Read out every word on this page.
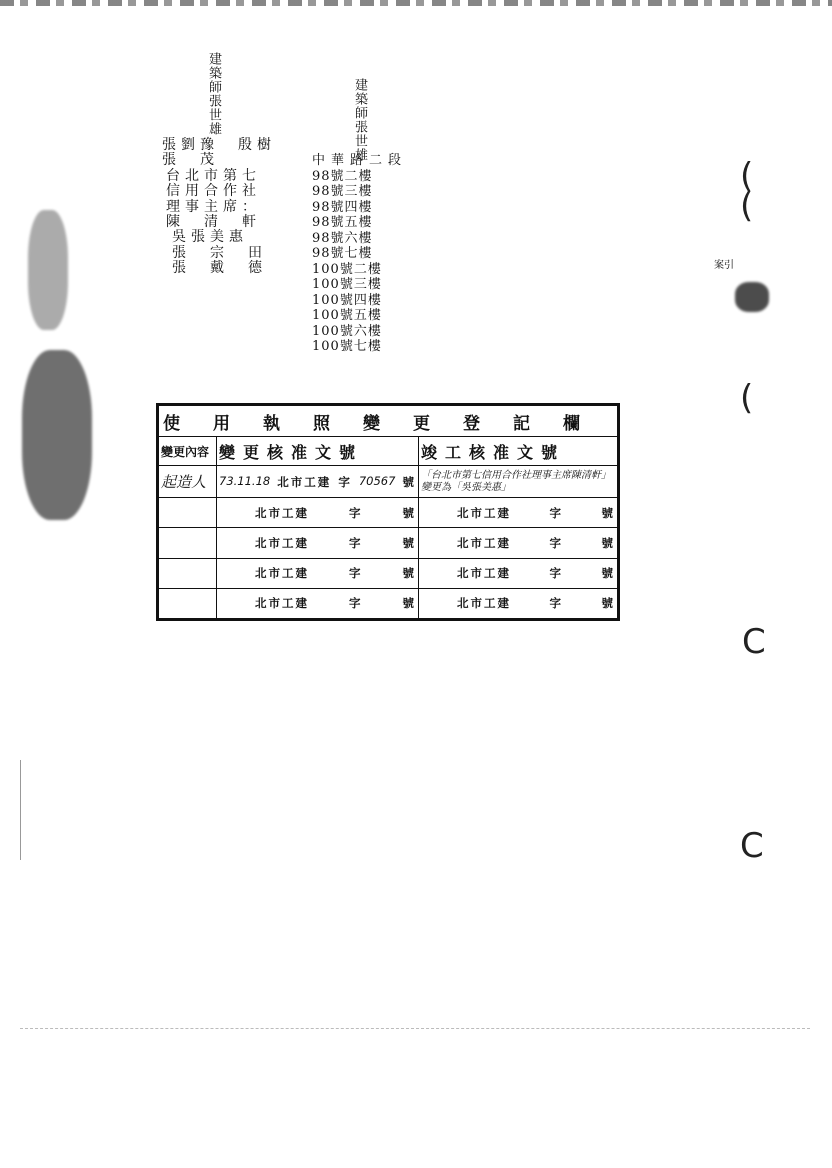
建築師張世雄	建築師張世雄
張劉豫　殷樹
張　茂
台北市第七
信用合作社
理事主席：
陳　清　軒
吳張美惠
張　宗　田
張　戴　德
中華路二段
98號二樓
98號三樓
98號四樓
98號五樓
98號六樓
98號七樓
100號二樓
100號三樓
100號四樓
100號五樓
100號六樓
100號七樓
使用執照變更登記欄		
變更內容	變更核准文號	竣工核准文號
起造人	73.11.18 北市工建 字 70567 號	「台北市第七信用合作社理事主席陳清軒」變更為「吳張美惠」

	北市工建 字 號	北市工建 字 號

	北市工建 字 號	北市工建 字 號

	北市工建 字 號	北市工建 字 號

	北市工建 字 號	北市工建 字 號
(
(
案引
(
C
C
